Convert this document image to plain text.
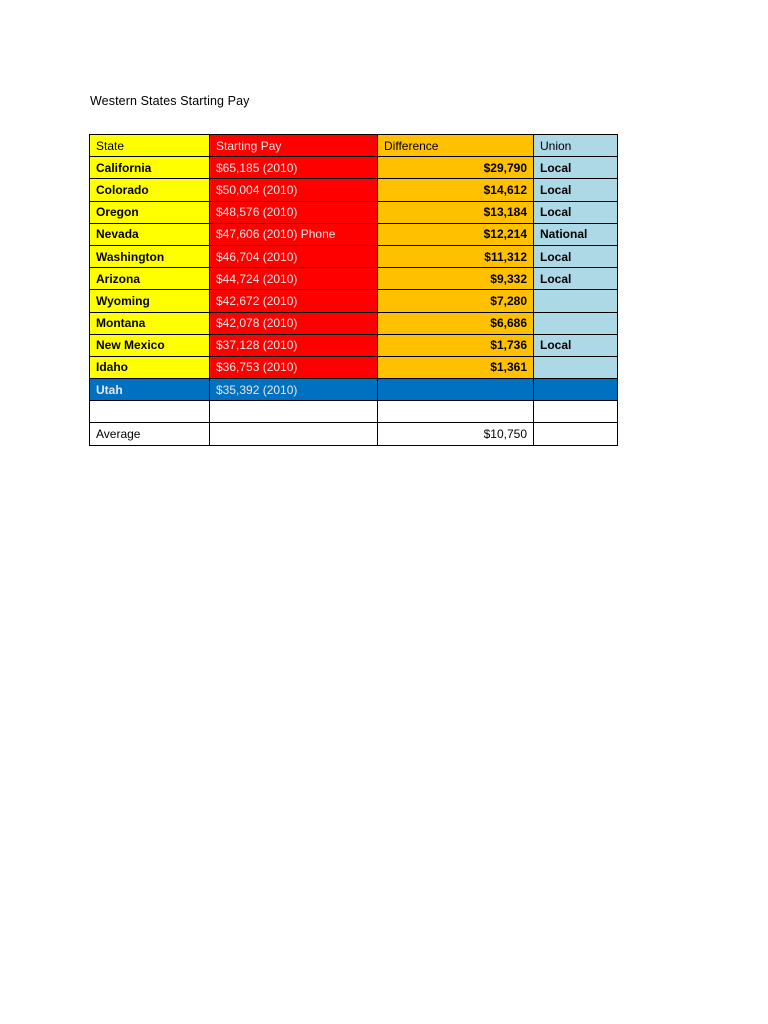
Western States Starting Pay
State	Starting Pay	Difference	Union
California	$65,185 (2010)	$29,790	Local
Colorado	$50,004 (2010)	$14,612	Local
Oregon	$48,576 (2010)	$13,184	Local
Nevada	$47,606 (2010) Phone	$12,214	National
Washington	$46,704 (2010)	$11,312	Local
Arizona	$44,724 (2010)	$9,332	Local
Wyoming	$42,672 (2010)	$7,280	
Montana	$42,078 (2010)	$6,686	
New Mexico	$37,128 (2010)	$1,736	Local
Idaho	$36,753 (2010)	$1,361	
Utah	$35,392 (2010)		

Average		$10,750	
